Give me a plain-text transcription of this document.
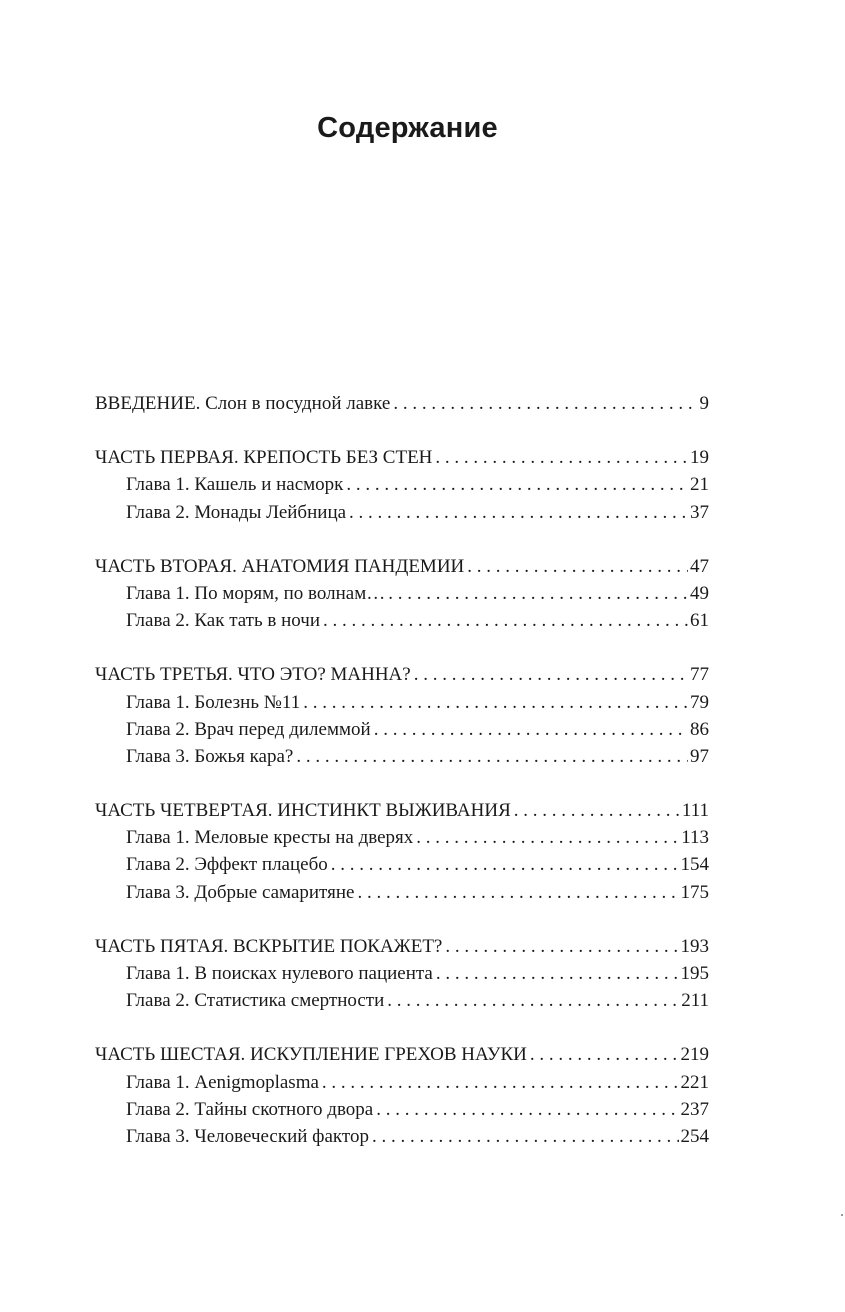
Содержание
ВВЕДЕНИЕ. Слон в посудной лавке . . .	9
ЧАСТЬ ПЕРВАЯ. КРЕПОСТЬ БЕЗ СТЕН . . .	19
Глава 1. Кашель и насморк . . .	21
Глава 2. Монады Лейбница . . .	37
ЧАСТЬ ВТОРАЯ. АНАТОМИЯ ПАНДЕМИИ . . .	47
Глава 1. По морям, по волнам… . . .	49
Глава 2. Как тать в ночи . . .	61
ЧАСТЬ ТРЕТЬЯ. ЧТО ЭТО? МАННА? . . .	77
Глава 1. Болезнь №11 . . .	79
Глава 2. Врач перед дилеммой . . .	86
Глава 3. Божья кара? . . .	97
ЧАСТЬ ЧЕТВЕРТАЯ. ИНСТИНКТ ВЫЖИВАНИЯ . . .	111
Глава 1. Меловые кресты на дверях . . .	113
Глава 2. Эффект плацебо . . .	154
Глава 3. Добрые самаритяне . . .	175
ЧАСТЬ ПЯТАЯ. ВСКРЫТИЕ ПОКАЖЕТ? . . .	193
Глава 1. В поисках нулевого пациента . . .	195
Глава 2. Статистика смертности . . .	211
ЧАСТЬ ШЕСТАЯ. ИСКУПЛЕНИЕ ГРЕХОВ НАУКИ . . .	219
Глава 1. Aenigmoplasma . . .	221
Глава 2. Тайны скотного двора . . .	237
Глава 3. Человеческий фактор . . .	254
